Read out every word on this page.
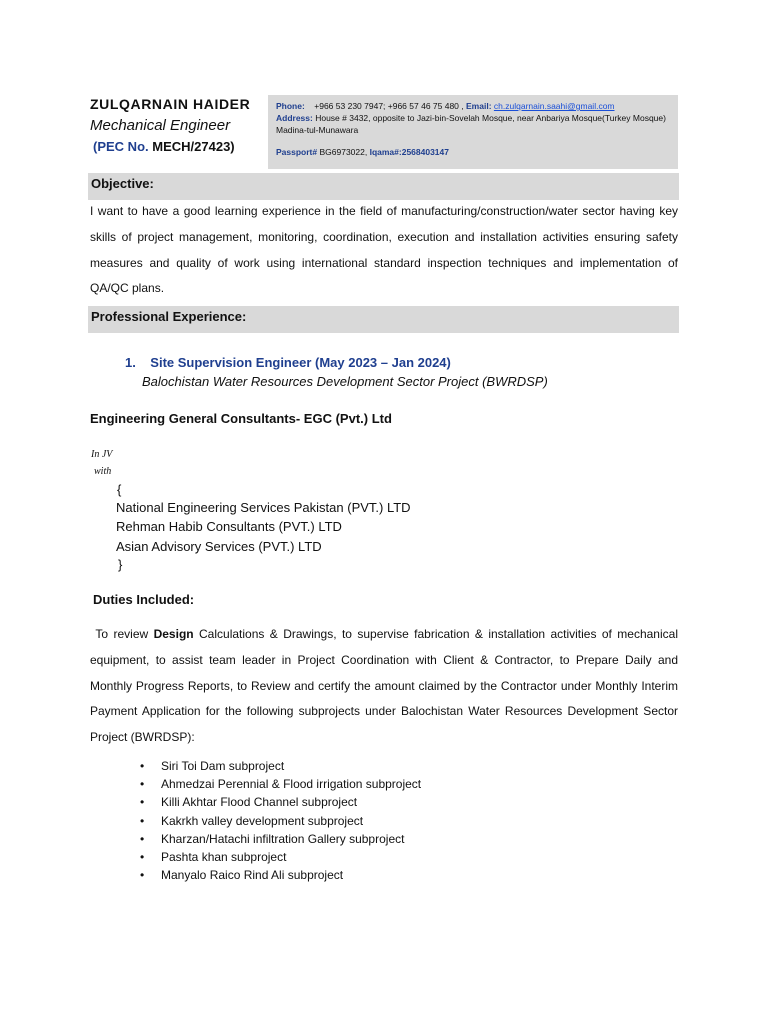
ZULQARNAIN HAIDER
Mechanical Engineer
(PEC No. MECH/27423)
Phone: +966 53 230 7947; +966 57 46 75 480 , Email: ch.zulqarnain.saahi@gmail.com
Address: House # 3432, opposite to Jazi-bin-Sovelah Mosque, near Anbariya Mosque(Turkey Mosque) Madina-tul-Munawara
Passport# BG6973022, Iqama#:2568403147
Objective:
I want to have a good learning experience in the field of manufacturing/construction/water sector having key skills of project management, monitoring, coordination, execution and installation activities ensuring safety measures and quality of work using international standard inspection techniques and implementation of QA/QC plans.
Professional Experience:
1. Site Supervision Engineer (May 2023 – Jan 2024)
Balochistan Water Resources Development Sector Project (BWRDSP)
Engineering General Consultants- EGC (Pvt.) Ltd
In JV
with
{
National Engineering Services Pakistan (PVT.) LTD
Rehman Habib Consultants (PVT.) LTD
Asian Advisory Services (PVT.) LTD
}
Duties Included:
To review Design Calculations & Drawings, to supervise fabrication & installation activities of mechanical equipment, to assist team leader in Project Coordination with Client & Contractor, to Prepare Daily and Monthly Progress Reports, to Review and certify the amount claimed by the Contractor under Monthly Interim Payment Application for the following subprojects under Balochistan Water Resources Development Sector Project (BWRDSP):
• Siri Toi Dam subproject
• Ahmedzai Perennial & Flood irrigation subproject
• Killi Akhtar Flood Channel subproject
• Kakrkh valley development subproject
• Kharzan/Hatachi infiltration Gallery subproject
• Pashta khan subproject
• Manyalo Raico Rind Ali subproject
